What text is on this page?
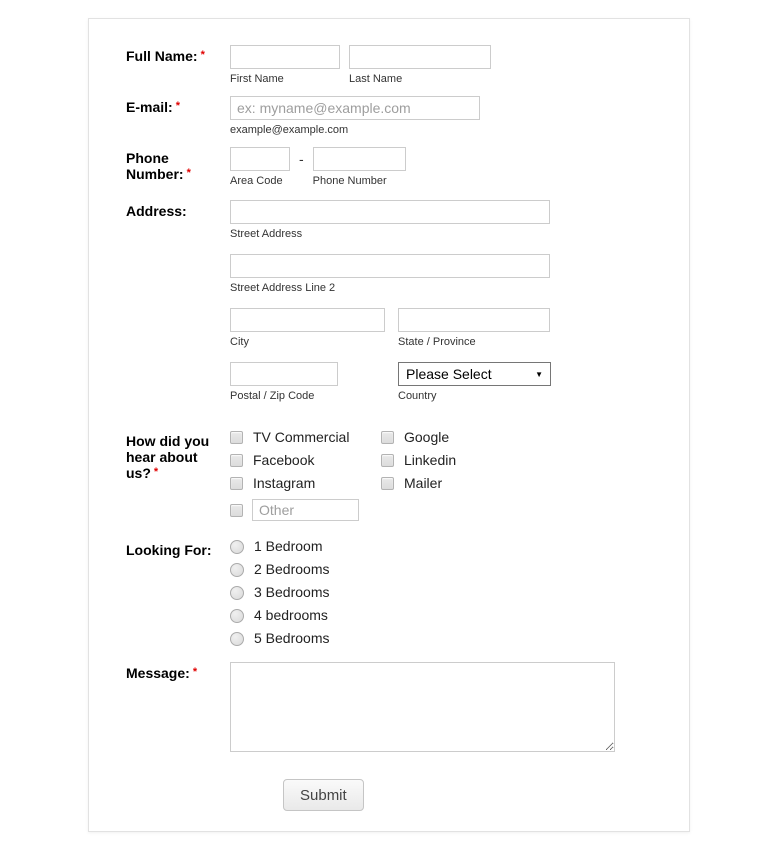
Full Name: *
First Name	Last Name
E-mail: *
ex: myname@example.com
example@example.com
Phone Number: *
Area Code
-
Phone Number
Address:
Street Address
Street Address Line 2
City	State / Province
Postal / Zip Code
Please Select	▼
Country
How did you hear about us? *
TV Commercial	Google
Facebook	Linkedin
Instagram	Mailer
Other
Looking For:	1 Bedroom
2 Bedrooms
3 Bedrooms
4 bedrooms
5 Bedrooms
Message: *
Submit
